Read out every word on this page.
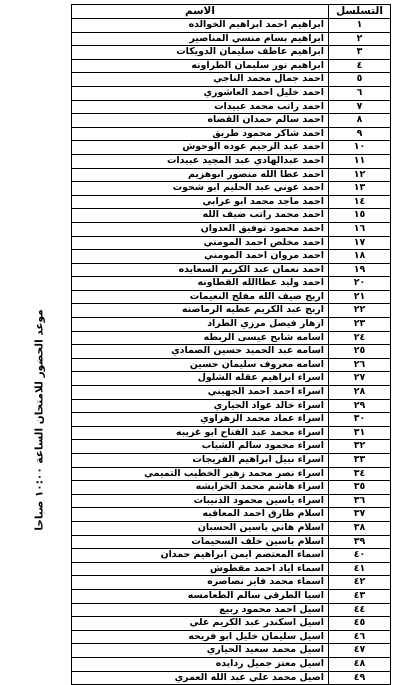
موعد الحضور للامتحان الساعة ١٠:٠٠ صباحا
التسلسل	الاسم
١	ابراهيم احمد ابراهيم الخوالده
٢	ابراهيم بسام منسي المناصير
٣	ابراهيم عاطف سليمان الدويكات
٤	ابراهيم نور سليمان الطراونه
٥	احمد جمال محمد الناجي
٦	احمد خليل احمد العاشوري
٧	احمد راتب محمد عبيدات
٨	احمد سالم حمدان القضاه
٩	احمد شاكر محمود طريق
١٠	احمد عبد الرحيم عوده الوحوش
١١	احمد عبدالهادي عبد المجيد عبيدات
١٢	احمد عطا الله منصور ابوهزيم
١٣	احمد عوني عبد الحليم ابو شحوت
١٤	احمد ماجد محمد ابو عرابي
١٥	احمد محمد راتب ضيف الله
١٦	احمد محمود توفيق العدوان
١٧	احمد مخلص احمد المومني
١٨	احمد مروان احمد المومني
١٩	احمد نعمان عبد الكريم السعايده
٢٠	احمد وليد عطاالله القطاونه
٢١	اريج ضيف الله مفلح النعيمات
٢٢	اريج عبد الكريم عطيه الرماضنه
٢٣	ازهار فيصل مرزي الطراد
٢٤	اسامه شابح عيسى الربطه
٢٥	اسامه عبد الحميد حسين الصمادي
٢٦	اسامه معروف سليمان حسين
٢٧	اسراء ابراهيم عقله الشلول
٢٨	اسراء احمد احمد الجهيني
٢٩	اسراء خالد عواد الحياري
٣٠	اسراء عماد محمد الزهراوي
٣١	اسراء محمد عبد الفتاح ابو غريبه
٣٢	اسراء محمود سالم الشياب
٣٣	اسراء نبيل ابراهيم الفريجات
٣٤	اسراء نصر محمد زهير الخطيب التميمي
٣٥	اسراء هاشم محمد الخرابشه
٣٦	اسراء ياسين محمود الذنيبات
٣٧	اسلام طارق احمد المعاقبه
٣٨	اسلام هاني ياسين الحسبان
٣٩	اسلام ياسين خلف السحيمات
٤٠	اسماء المعتصم ايمن ابراهيم حمدان
٤١	اسماء اياد احمد مقطوش
٤٢	اسماء محمد فايز نصاصره
٤٣	اسيا الطرقي سالم الطعامسه
٤٤	اسيل احمد محمود ربيع
٤٥	اسيل اسكندر عبد الكريم علي
٤٦	اسيل سليمان خليل ابو فريحه
٤٧	اسيل محمد سعيد الحياري
٤٨	اسيل معتز جميل ردايده
٤٩	اصيل محمد علي عبد الله العمري
